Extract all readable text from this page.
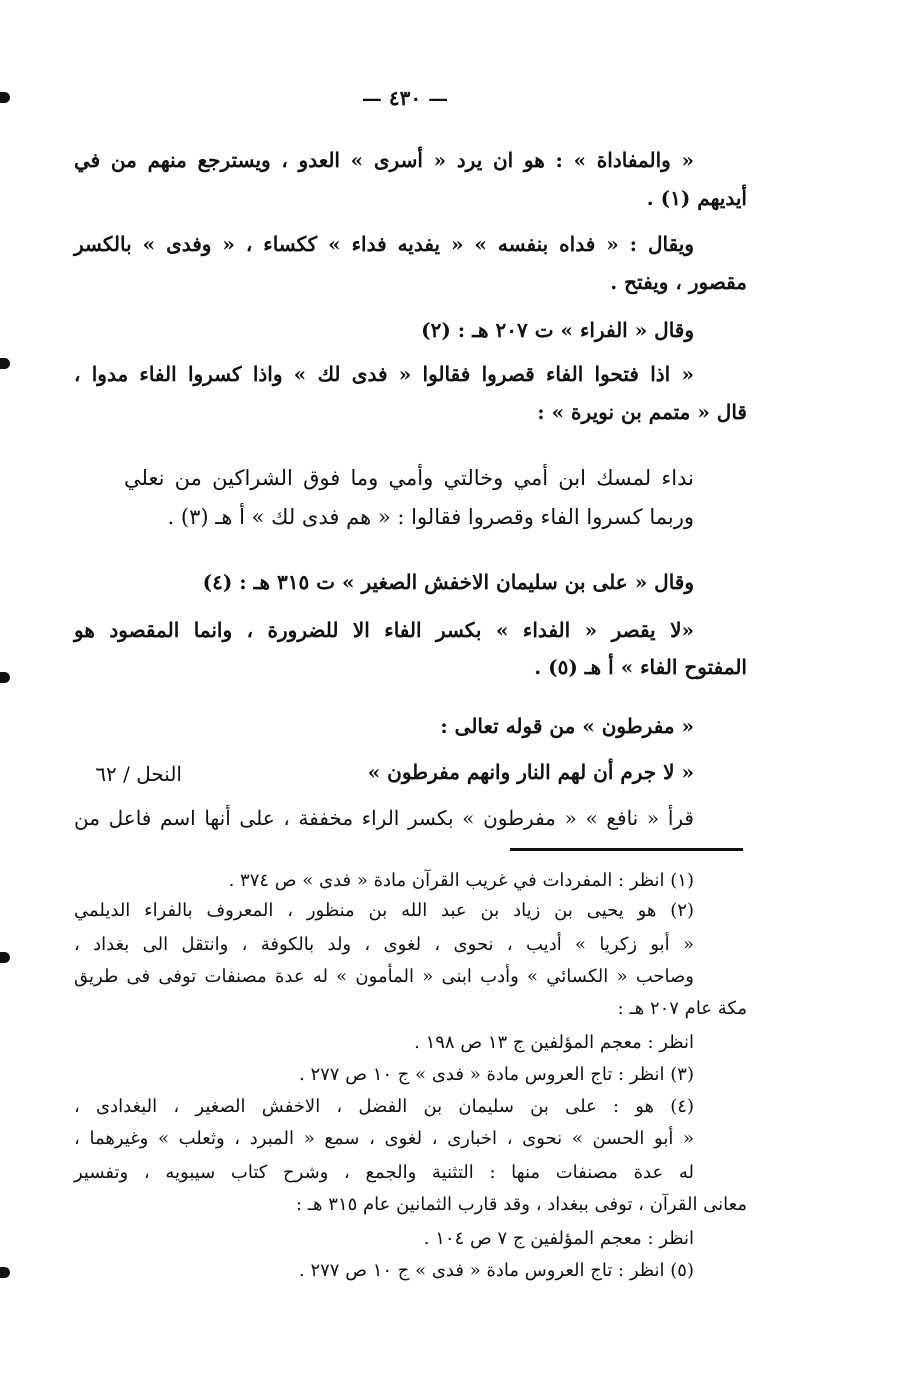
— ٤٣٠ —
« والمفاداة » : هو ان يرد « أسرى » العدو ، ويسترجع منهم من في
أيديهم (١) .
ويقال : « فداه بنفسه » « يفديه فداء » ككساء ، « وفدى » بالكسر
مقصور ، ويفتح .
وقال « الفراء » ت ٢٠٧ هـ : (٢)
« اذا فتحوا الفاء قصروا فقالوا « فدى لك » واذا كسروا الفاء مدوا ،
قال « متمم بن نويرة » :
نداء لمسك ابن أمي وخالتي وأمي وما فوق الشراكين من نعلي
وربما كسروا الفاء وقصروا فقالوا : « هم فدى لك » أ هـ (٣) .
وقال « على بن سليمان الاخفش الصغير » ت ٣١٥ هـ : (٤)
«لا يقصر « الفداء » بكسر الفاء الا للضرورة ، وانما المقصود هو
المفتوح الفاء » أ هـ (٥) .
« مفرطون » من قوله تعالى :
« لا جرم أن لهم النار وانهم مفرطون »
النحل / ٦٢
قرأ « نافع » « مفرطون » بكسر الراء مخففة ، على أنها اسم فاعل من
(١) انظر : المفردات في غريب القرآن مادة « فدى » ص ٣٧٤ .
(٢) هو يحيى بن زياد بن عبد الله بن منظور ، المعروف بالفراء الديلمي
« أبو زكريا » أديب ، نحوى ، لغوى ، ولد بالكوفة ، وانتقل الى بغداد ،
وصاحب « الكسائي » وأدب ابنى « المأمون » له عدة مصنفات توفى فى طريق
مكة عام ٢٠٧ هـ :
انظر : معجم المؤلفين ج ١٣ ص ١٩٨ .
(٣) انظر : تاج العروس مادة « فدى » ج ١٠ ص ٢٧٧ .
(٤) هو : على بن سليمان بن الفضل ، الاخفش الصغير ، البغدادى ،
« أبو الحسن » نحوى ، اخبارى ، لغوى ، سمع « المبرد ، وثعلب » وغيرهما ،
له عدة مصنفات منها : التثنية والجمع ، وشرح كتاب سيبويه ، وتفسير
معانى القرآن ، توفى ببغداد ، وقد قارب الثمانين عام ٣١٥ هـ :
انظر : معجم المؤلفين ج ٧ ص ١٠٤ .
(٥) انظر : تاج العروس مادة « فدى » ج ١٠ ص ٢٧٧ .
